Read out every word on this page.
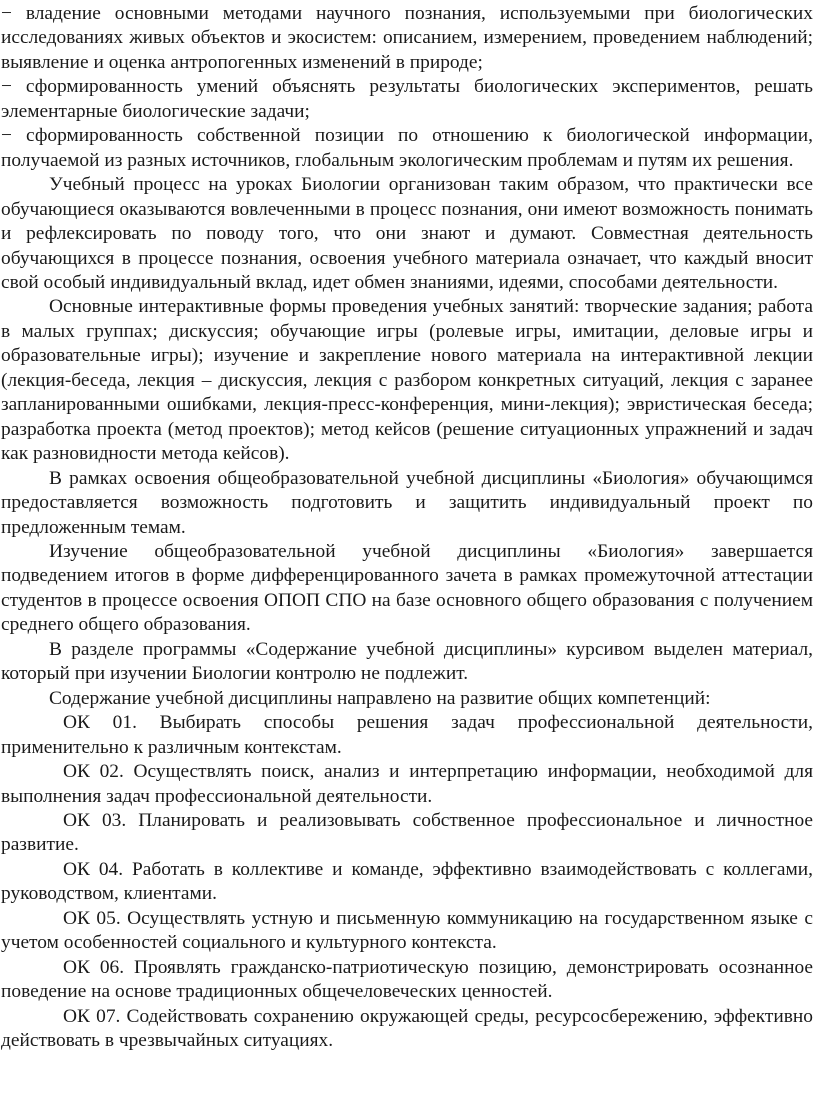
− владение основными методами научного познания, используемыми при биологических исследованиях живых объектов и экосистем: описанием, измерением, проведением наблюдений; выявление и оценка антропогенных изменений в природе;

− сформированность умений объяснять результаты биологических экспериментов, решать элементарные биологические задачи;

− сформированность собственной позиции по отношению к биологической информации, получаемой из разных источников, глобальным экологическим проблемам и путям их решения.

Учебный процесс на уроках Биологии организован таким образом, что практически все обучающиеся оказываются вовлеченными в процесс познания, они имеют возможность понимать и рефлексировать по поводу того, что они знают и думают. Совместная деятельность обучающихся в процессе познания, освоения учебного материала означает, что каждый вносит свой особый индивидуальный вклад, идет обмен знаниями, идеями, способами деятельности.

Основные интерактивные формы проведения учебных занятий: творческие задания; работа в малых группах; дискуссия; обучающие игры (ролевые игры, имитации, деловые игры и образовательные игры); изучение и закрепление нового материала на интерактивной лекции (лекция-беседа, лекция – дискуссия, лекция с разбором конкретных ситуаций, лекция с заранее запланированными ошибками, лекция-пресс-конференция, мини-лекция); эвристическая беседа; разработка проекта (метод проектов); метод кейсов (решение ситуационных упражнений и задач как разновидности метода кейсов).

В рамках освоения общеобразовательной учебной дисциплины «Биология» обучающимся предоставляется возможность подготовить и защитить индивидуальный проект по предложенным темам.

Изучение общеобразовательной учебной дисциплины «Биология» завершается подведением итогов в форме дифференцированного зачета в рамках промежуточной аттестации студентов в процессе освоения ОПОП СПО на базе основного общего образования с получением среднего общего образования.

В разделе программы «Содержание учебной дисциплины» курсивом выделен материал, который при изучении Биологии контролю не подлежит.

Содержание учебной дисциплины направлено на развитие общих компетенций:

ОК 01. Выбирать способы решения задач профессиональной деятельности, применительно к различным контекстам.

ОК 02. Осуществлять поиск, анализ и интерпретацию информации, необходимой для выполнения задач профессиональной деятельности.

ОК 03. Планировать и реализовывать собственное профессиональное и личностное развитие.

ОК 04. Работать в коллективе и команде, эффективно взаимодействовать с коллегами, руководством, клиентами.

ОК 05. Осуществлять устную и письменную коммуникацию на государственном языке с учетом особенностей социального и культурного контекста.

ОК 06. Проявлять гражданско-патриотическую позицию, демонстрировать осознанное поведение на основе традиционных общечеловеческих ценностей.

ОК 07. Содействовать сохранению окружающей среды, ресурсосбережению, эффективно действовать в чрезвычайных ситуациях.
